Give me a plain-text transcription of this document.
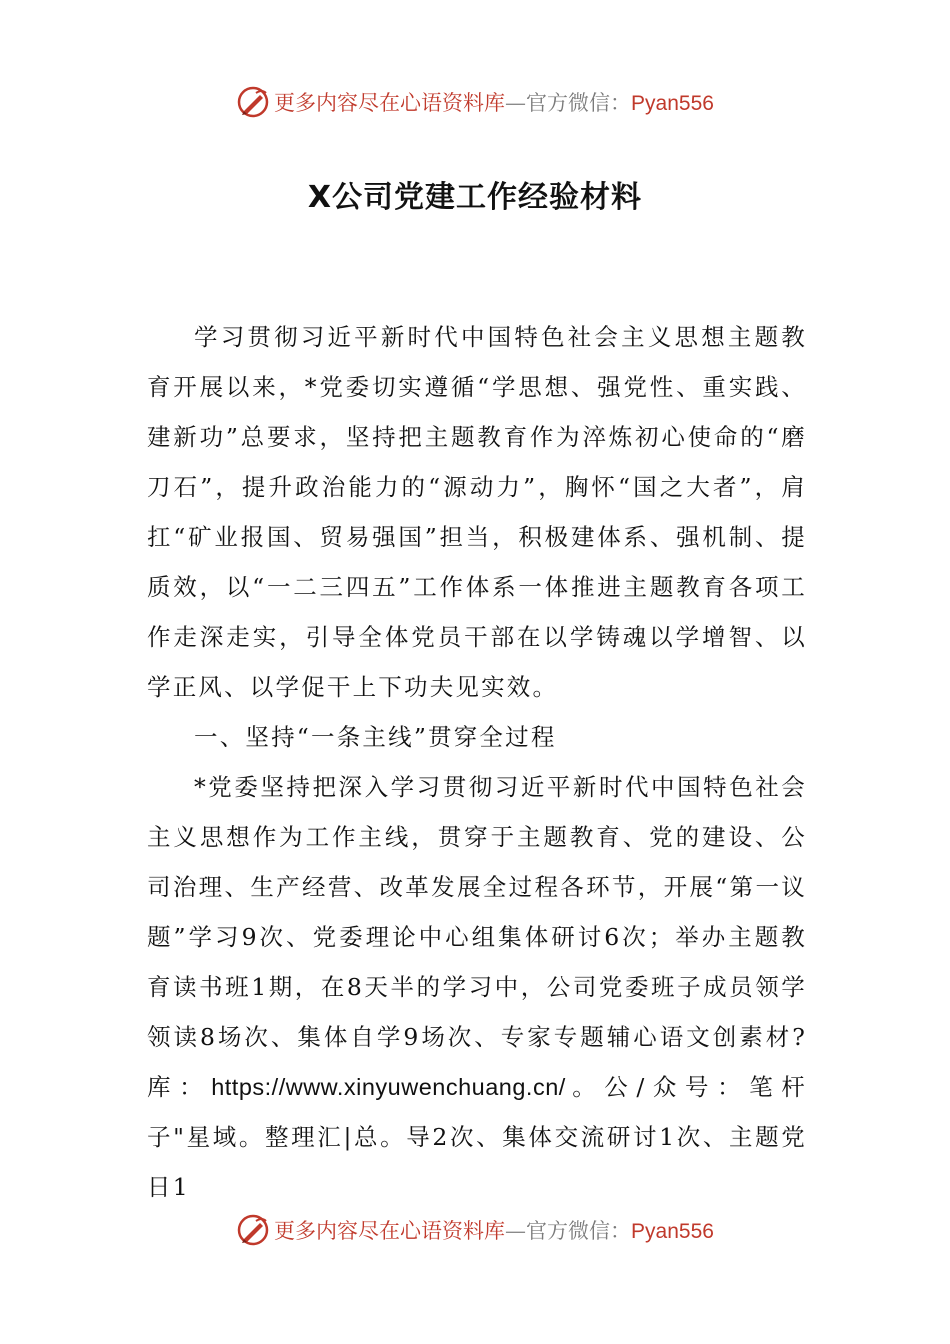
更多内容尽在心语资料库—官方微信：Pyan556
X公司党建工作经验材料

学习贯彻习近平新时代中国特色社会主义思想主题教育开展以来，*党委切实遵循“学思想、强党性、重实践、建新功”总要求，坚持把主题教育作为淬炼初心使命的“磨刀石”，提升政治能力的“源动力”，胸怀“国之大者”，肩扛“矿业报国、贸易强国”担当，积极建体系、强机制、提质效，以“一二三四五”工作体系一体推进主题教育各项工作走深走实，引导全体党员干部在以学铸魂以学增智、以学正风、以学促干上下功夫见实效。

一、坚持“一条主线”贯穿全过程

*党委坚持把深入学习贯彻习近平新时代中国特色社会主义思想作为工作主线，贯穿于主题教育、党的建设、公司治理、生产经营、改革发展全过程各环节，开展“第一议题”学习9次、党委理论中心组集体研讨6次；举办主题教育读书班1期，在8天半的学习中，公司党委班子成员领学领读8场次、集体自学9场次、专家专题辅心语文创素材?库：https://www.xinyuwenchuang.cn/。公/众号：笔杆子"星域。整理汇|总。导2次、集体交流研讨1次、主题党日1

更多内容尽在心语资料库—官方微信：Pyan556
